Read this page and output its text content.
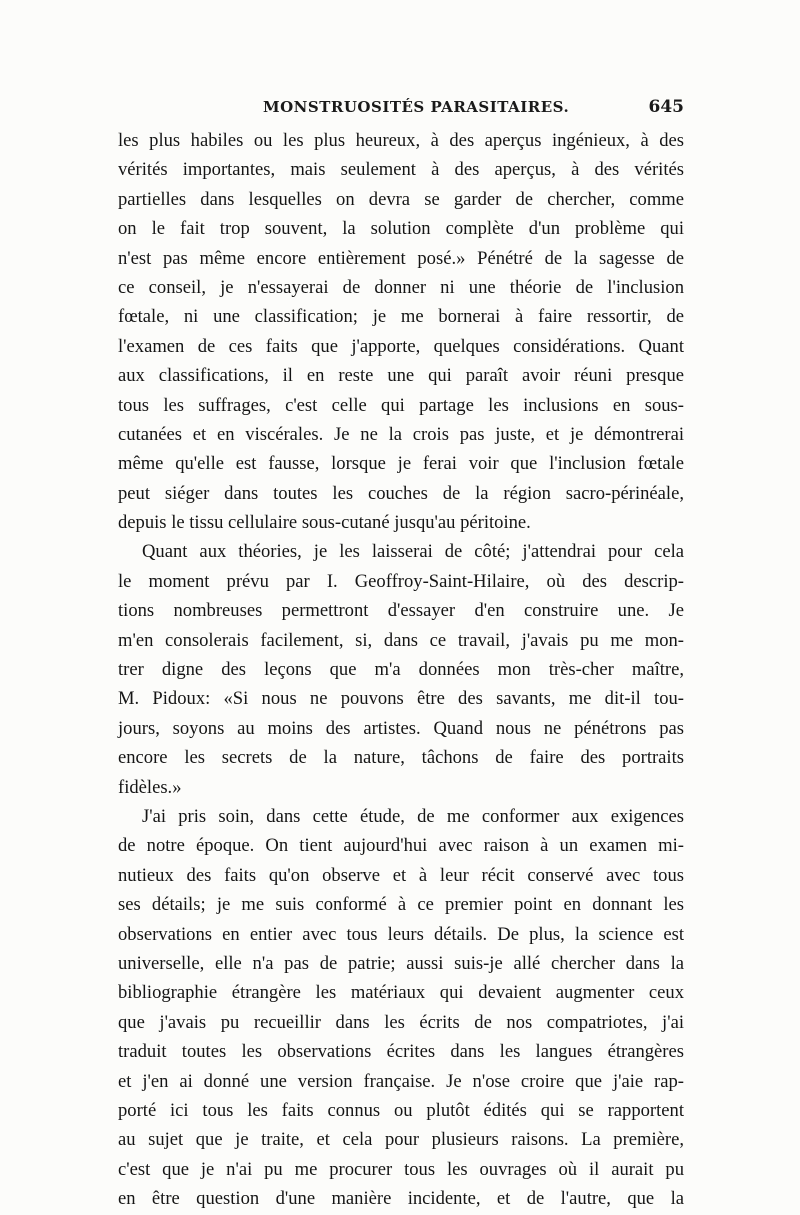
MONSTRUOSITÉS PARASITAIRES.	645
les plus habiles ou les plus heureux, à des aperçus ingénieux, à des
vérités importantes, mais seulement à des aperçus, à des vérités
partielles dans lesquelles on devra se garder de chercher, comme
on le fait trop souvent, la solution complète d'un problème qui
n'est pas même encore entièrement posé.» Pénétré de la sagesse de
ce conseil, je n'essayerai de donner ni une théorie de l'inclusion
fœtale, ni une classification; je me bornerai à faire ressortir, de
l'examen de ces faits que j'apporte, quelques considérations. Quant
aux classifications, il en reste une qui paraît avoir réuni presque
tous les suffrages, c'est celle qui partage les inclusions en sous-
cutanées et en viscérales. Je ne la crois pas juste, et je démontrerai
même qu'elle est fausse, lorsque je ferai voir que l'inclusion fœtale
peut siéger dans toutes les couches de la région sacro-périnéale,
depuis le tissu cellulaire sous-cutané jusqu'au péritoine.
Quant aux théories, je les laisserai de côté; j'attendrai pour cela
le moment prévu par I. Geoffroy-Saint-Hilaire, où des descrip-
tions nombreuses permettront d'essayer d'en construire une. Je
m'en consolerais facilement, si, dans ce travail, j'avais pu me mon-
trer digne des leçons que m'a données mon très-cher maître,
M. Pidoux: «Si nous ne pouvons être des savants, me dit-il tou-
jours, soyons au moins des artistes. Quand nous ne pénétrons pas
encore les secrets de la nature, tâchons de faire des portraits
fidèles.»
J'ai pris soin, dans cette étude, de me conformer aux exigences
de notre époque. On tient aujourd'hui avec raison à un examen mi-
nutieux des faits qu'on observe et à leur récit conservé avec tous
ses détails; je me suis conformé à ce premier point en donnant les
observations en entier avec tous leurs détails. De plus, la science est
universelle, elle n'a pas de patrie; aussi suis-je allé chercher dans la
bibliographie étrangère les matériaux qui devaient augmenter ceux
que j'avais pu recueillir dans les écrits de nos compatriotes, j'ai
traduit toutes les observations écrites dans les langues étrangères
et j'en ai donné une version française. Je n'ose croire que j'aie rap-
porté ici tous les faits connus ou plutôt édités qui se rapportent
au sujet que je traite, et cela pour plusieurs raisons. La première,
c'est que je n'ai pu me procurer tous les ouvrages où il aurait pu
en être question d'une manière incidente, et de l'autre, que la
